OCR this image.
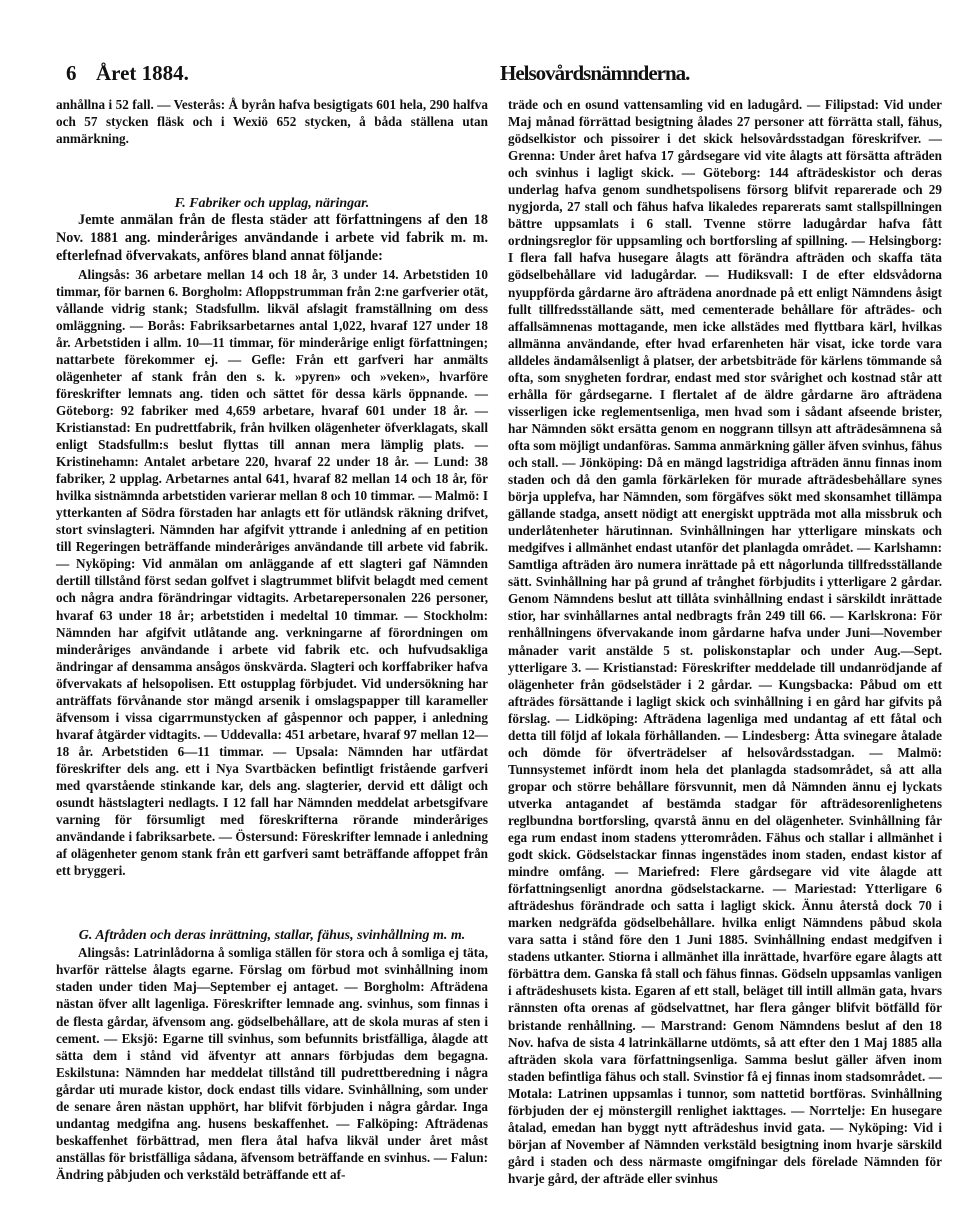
6 Året 1884.	Helsovårdsnämnderna.

anhållna i 52 fall. — Vesterås: Å byrån hafva besigtigats 601 hela, 290 halfva och 57 stycken fläsk och i Wexiö 652 stycken, å båda ställena utan anmärkning.

F. Fabriker och upplag, näringar.

Jemte anmälan från de flesta städer att författningens af den 18 Nov. 1881 ang. minderåriges användande i arbete vid fabrik m. m. efterlefnad öfvervakats, anföres bland annat följande:

Alingsås: 36 arbetare mellan 14 och 18 år, 3 under 14. Arbetstiden 10 timmar, för barnen 6. Borgholm: Afloppstrumman från 2:ne garfverier otät, vållande vidrig stank; Stadsfullm. likväl afslagit framställning om dess omläggning. — Borås: Fabriksarbetarnes antal 1,022, hvaraf 127 under 18 år. Arbetstiden i allm. 10—11 timmar, för minderårige enligt författningen; nattarbete förekommer ej. — Gefle: Från ett garfveri har anmälts olägenheter af stank från den s. k. »pyren» och »veken», hvarföre föreskrifter lemnats ang. tiden och sättet för dessa kärls öppnande. — Göteborg: 92 fabriker med 4,659 arbetare, hvaraf 601 under 18 år. — Kristianstad: En pudrettfabrik, från hvilken olägenheter öfverklagats, skall enligt Stadsfullm:s beslut flyttas till annan mera lämplig plats. — Kristinehamn: Antalet arbetare 220, hvaraf 22 under 18 år. — Lund: 38 fabriker, 2 upplag. Arbetarnes antal 641, hvaraf 82 mellan 14 och 18 år, för hvilka sistnämnda arbetstiden varierar mellan 8 och 10 timmar. — Malmö: I ytterkanten af Södra förstaden har anlagts ett för utländsk räkning drifvet, stort svinslagteri. Nämnden har afgifvit yttrande i anledning af en petition till Regeringen beträffande minderåriges användande till arbete vid fabrik. — Nyköping: Vid anmälan om anläggande af ett slagteri gaf Nämnden dertill tillstånd först sedan golfvet i slagtrummet blifvit belagdt med cement och några andra förändringar vidtagits. Arbetarepersonalen 226 personer, hvaraf 63 under 18 år; arbetstiden i medeltal 10 timmar. — Stockholm: Nämnden har afgifvit utlåtande ang. verkningarne af förordningen om minderåriges användande i arbete vid fabrik etc. och hufvudsakliga ändringar af densamma ansågos önskvärda. Slagteri och korffabriker hafva öfvervakats af helsopolisen. Ett ostupplag förbjudet. Vid undersökning har anträffats förvånande stor mängd arsenik i omslagspapper till karameller äfvensom i vissa cigarrmunstycken af gåspennor och papper, i anledning hvaraf åtgärder vidtagits. — Uddevalla: 451 arbetare, hvaraf 97 mellan 12—18 år. Arbetstiden 6—11 timmar. — Upsala: Nämnden har utfärdat föreskrifter dels ang. ett i Nya Svartbäcken befintligt fristående garfveri med qvarstående stinkande kar, dels ang. slagterier, dervid ett dåligt och osundt hästslagteri nedlagts. I 12 fall har Nämnden meddelat arbetsgifvare varning för försumligt med föreskrifterna rörande minderåriges användande i fabriksarbete. — Östersund: Föreskrifter lemnade i anledning af olägenheter genom stank från ett garfveri samt beträffande affoppet från ett bryggeri.

G. Aftråden och deras inrättning, stallar, fähus, svinhållning m. m.

Alingsås: Latrinlådorna å somliga ställen för stora och å somliga ej täta, hvarför rättelse ålagts egarne. Förslag om förbud mot svinhållning inom staden under tiden Maj—September ej antaget. — Borgholm: Afträdena nästan öfver allt lagenliga. Föreskrifter lemnade ang. svinhus, som finnas i de flesta gårdar, äfvensom ang. gödselbehållare, att de skola muras af sten i cement. — Eksjö: Egarne till svinhus, som befunnits bristfälliga, ålagde att sätta dem i stånd vid äfventyr att annars förbjudas dem begagna. Eskilstuna: Nämnden har meddelat tillstånd till pudrettberedning i några gårdar uti murade kistor, dock endast tills vidare. Svinhållning, som under de senare åren nästan upphört, har blifvit förbjuden i några gårdar. Inga undantag medgifna ang. husens beskaffenhet. — Falköping: Afträdenas beskaffenhet förbättrad, men flera åtal hafva likväl under året måst anställas för bristfälliga sådana, äfvensom beträffande en svinhus. — Falun: Ändring påbjuden och verkstäld beträffande ett af-

träde och en osund vattensamling vid en ladugård. — Filipstad: Vid under Maj månad förrättad besigtning ålades 27 personer att förrätta stall, fähus, gödselkistor och pissoirer i det skick helsovårdsstadgan föreskrifver. — Grenna: Under året hafva 17 gårdsegare vid vite ålagts att försätta afträden och svinhus i lagligt skick. — Göteborg: 144 afträdeskistor och deras underlag hafva genom sundhetspolisens försorg blifvit reparerade och 29 nygjorda, 27 stall och fähus hafva likaledes reparerats samt stallspillningen bättre uppsamlats i 6 stall. Tvenne större ladugårdar hafva fått ordningsreglor för uppsamling och bortforsling af spillning. — Helsingborg: I flera fall hafva husegare ålagts att förändra afträden och skaffa täta gödselbehållare vid ladugårdar. — Hudiksvall: I de efter eldsvådorna nyuppförda gårdarne äro afträdena anordnade på ett enligt Nämndens åsigt fullt tillfredsställande sätt, med cementerade behållare för afträdes- och affallsämnenas mottagande, men icke allstädes med flyttbara kärl, hvilkas allmänna användande, efter hvad erfarenheten här visat, icke torde vara alldeles ändamålsenligt å platser, der arbetsbiträde för kärlens tömmande så ofta, som snygheten fordrar, endast med stor svårighet och kostnad står att erhålla för gårdsegarne. I flertalet af de äldre gårdarne äro afträdena visserligen icke reglementsenliga, men hvad som i sådant afseende brister, har Nämnden sökt ersätta genom en noggrann tillsyn att afträdesämnena så ofta som möjligt undanföras. Samma anmärkning gäller äfven svinhus, fähus och stall. — Jönköping: Då en mängd lagstridiga afträden ännu finnas inom staden och då den gamla förkärleken för murade afträdesbehållare synes börja upplefva, har Nämnden, som förgäfves sökt med skonsamhet tillämpa gällande stadga, ansett nödigt att energiskt uppträda mot alla missbruk och underlåtenheter härutinnan. Svinhållningen har ytterligare minskats och medgifves i allmänhet endast utanför det planlagda området. — Karlshamn: Samtliga afträden äro numera inrättade på ett någorlunda tillfredsställande sätt. Svinhållning har på grund af trånghet förbjudits i ytterligare 2 gårdar. Genom Nämndens beslut att tillåta svinhållning endast i särskildt inrättade stior, har svinhållarnes antal nedbragts från 249 till 66. — Karlskrona: För renhållningens öfvervakande inom gårdarne hafva under Juni—November månader varit anstälde 5 st. poliskonstaplar och under Aug.—Sept. ytterligare 3. — Kristianstad: Föreskrifter meddelade till undanrödjande af olägenheter från gödselstäder i 2 gårdar. — Kungsbacka: Påbud om ett afträdes försättande i lagligt skick och svinhållning i en gård har gifvits på förslag. — Lidköping: Afträdena lagenliga med undantag af ett fåtal och detta till följd af lokala förhållanden. — Lindesberg: Åtta svinegare åtalade och dömde för öfverträdelser af helsovårdsstadgan. — Malmö: Tunnsystemet infördt inom hela det planlagda stadsområdet, så att alla gropar och större behållare försvunnit, men då Nämnden ännu ej lyckats utverka antagandet af bestämda stadgar för afträdesorenlighetens reglbundna bortforsling, qvarstå ännu en del olägenheter. Svinhållning får ega rum endast inom stadens ytterområden. Fähus och stallar i allmänhet i godt skick. Gödselstackar finnas ingenstädes inom staden, endast kistor af mindre omfång. — Mariefred: Flere gårdsegare vid vite ålagde att författningsenligt anordna gödselstackarne. — Mariestad: Ytterligare 6 afträdeshus förändrade och satta i lagligt skick. Ännu återstå dock 70 i marken nedgräfda gödselbehållare. hvilka enligt Nämndens påbud skola vara satta i stånd före den 1 Juni 1885. Svinhållning endast medgifven i stadens utkanter. Stiorna i allmänhet illa inrättade, hvarföre egare ålagts att förbättra dem. Ganska få stall och fähus finnas. Gödseln uppsamlas vanligen i afträdeshusets kista. Egaren af ett stall, beläget till intill allmän gata, hvars rännsten ofta orenas af gödselvattnet, har flera gånger blifvit bötfälld för bristande renhållning. — Marstrand: Genom Nämndens beslut af den 18 Nov. hafva de sista 4 latrinkällarne utdömts, så att efter den 1 Maj 1885 alla afträden skola vara författningsenliga. Samma beslut gäller äfven inom staden befintliga fähus och stall. Svinstior få ej finnas inom stadsområdet. — Motala: Latrinen uppsamlas i tunnor, som nattetid bortföras. Svinhållning förbjuden der ej mönstergill renlighet iakttages. — Norrtelje: En husegare åtalad, emedan han byggt nytt afträdeshus invid gata. — Nyköping: Vid i början af November af Nämnden verkstäld besigtning inom hvarje särskild gård i staden och dess närmaste omgifningar dels förelade Nämnden för hvarje gård, der afträde eller svinhus
